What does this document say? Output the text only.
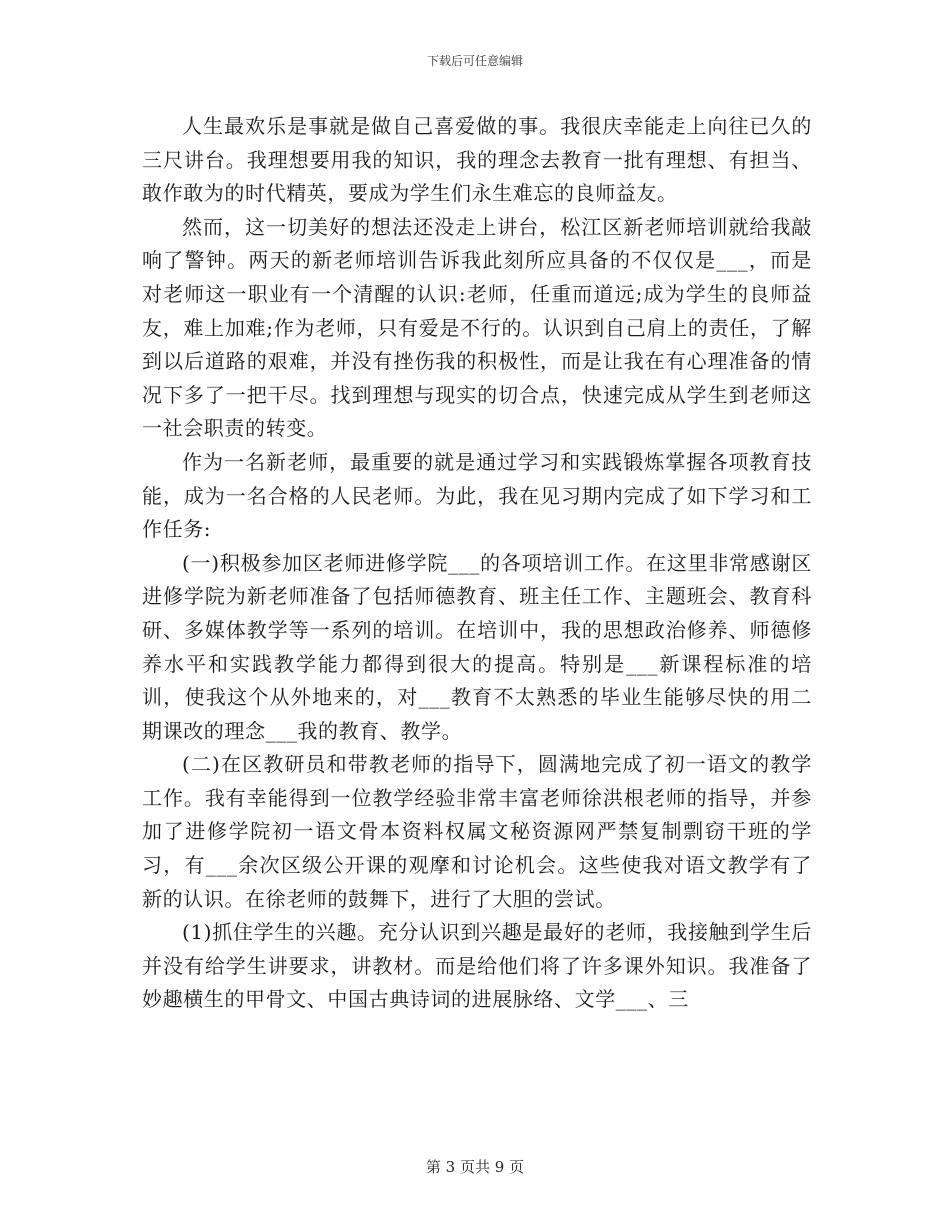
下载后可任意编辑

人生最欢乐是事就是做自己喜爱做的事。我很庆幸能走上向往已久的三尺讲台。我理想要用我的知识，我的理念去教育一批有理想、有担当、敢作敢为的时代精英，要成为学生们永生难忘的良师益友。

然而，这一切美好的想法还没走上讲台，松江区新老师培训就给我敲响了警钟。两天的新老师培训告诉我此刻所应具备的不仅仅是___，而是对老师这一职业有一个清醒的认识:老师，任重而道远;成为学生的良师益友，难上加难;作为老师，只有爱是不行的。认识到自己肩上的责任，了解到以后道路的艰难，并没有挫伤我的积极性，而是让我在有心理准备的情况下多了一把干尽。找到理想与现实的切合点，快速完成从学生到老师这一社会职责的转变。

作为一名新老师，最重要的就是通过学习和实践锻炼掌握各项教育技能，成为一名合格的人民老师。为此，我在见习期内完成了如下学习和工作任务:

(一)积极参加区老师进修学院___的各项培训工作。在这里非常感谢区进修学院为新老师准备了包括师德教育、班主任工作、主题班会、教育科研、多媒体教学等一系列的培训。在培训中，我的思想政治修养、师德修养水平和实践教学能力都得到很大的提高。特别是___新课程标准的培训，使我这个从外地来的，对___教育不太熟悉的毕业生能够尽快的用二期课改的理念___我的教育、教学。

(二)在区教研员和带教老师的指导下，圆满地完成了初一语文的教学工作。我有幸能得到一位教学经验非常丰富老师徐洪根老师的指导，并参加了进修学院初一语文骨本资料权属文秘资源网严禁复制剽窃干班的学习，有___余次区级公开课的观摩和讨论机会。这些使我对语文教学有了新的认识。在徐老师的鼓舞下，进行了大胆的尝试。

(1)抓住学生的兴趣。充分认识到兴趣是最好的老师，我接触到学生后并没有给学生讲要求，讲教材。而是给他们将了许多课外知识。我准备了妙趣横生的甲骨文、中国古典诗词的进展脉络、文学___、三

第 3 页共 9 页
